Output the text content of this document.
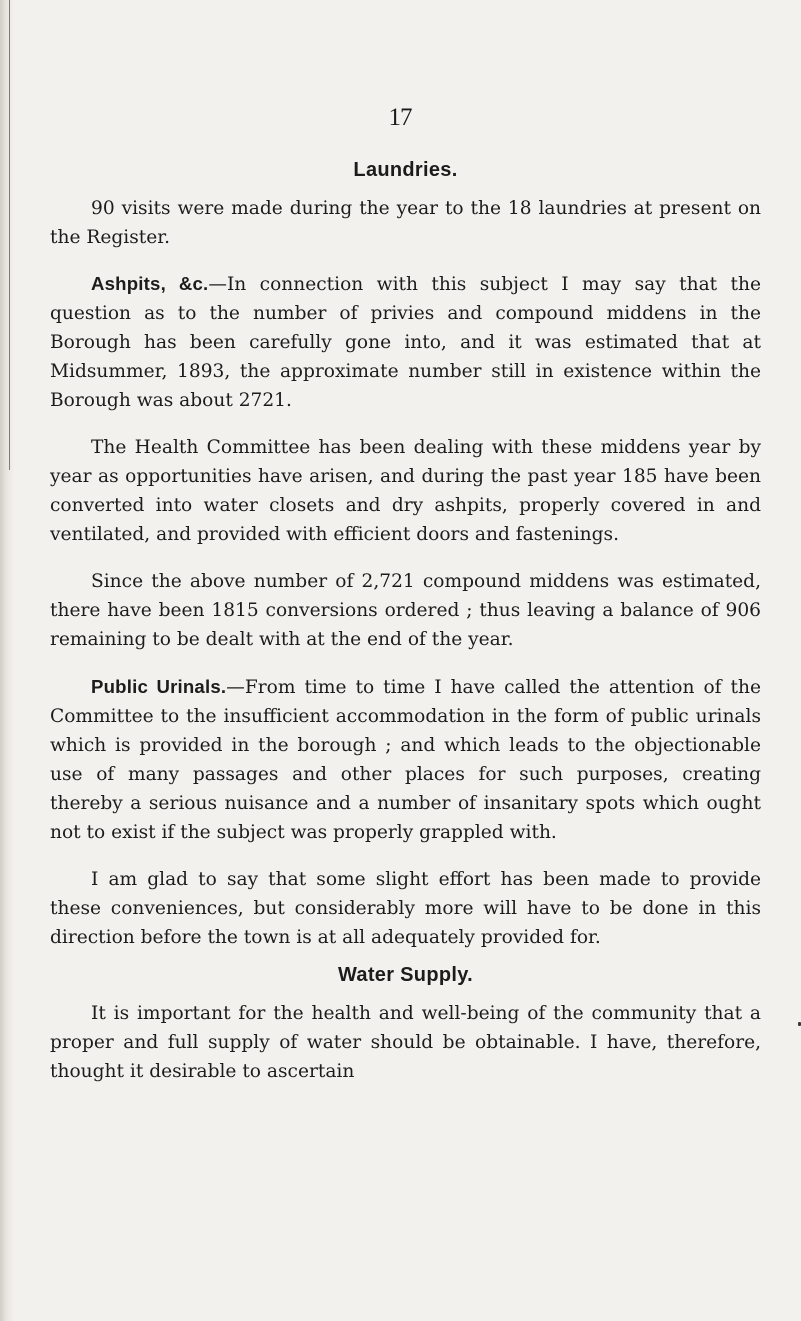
17
Laundries.

90 visits were made during the year to the 18 laundries at present on the Register.

Ashpits, &c.—In connection with this subject I may say that the question as to the number of privies and compound middens in the Borough has been carefully gone into, and it was estimated that at Midsummer, 1893, the approximate number still in existence within the Borough was about 2721.

The Health Committee has been dealing with these middens year by year as opportunities have arisen, and during the past year 185 have been converted into water closets and dry ashpits, properly covered in and ventilated, and provided with efficient doors and fastenings.

Since the above number of 2,721 compound middens was estimated, there have been 1815 conversions ordered ; thus leaving a balance of 906 remaining to be dealt with at the end of the year.

Public Urinals.—From time to time I have called the attention of the Committee to the insufficient accommodation in the form of public urinals which is provided in the borough ; and which leads to the objectionable use of many passages and other places for such purposes, creating thereby a serious nuisance and a number of insanitary spots which ought not to exist if the subject was properly grappled with.

I am glad to say that some slight effort has been made to provide these conveniences, but considerably more will have to be done in this direction before the town is at all adequately provided for.

Water Supply.

It is important for the health and well-being of the community that a proper and full supply of water should be obtainable. I have, therefore, thought it desirable to ascertain
